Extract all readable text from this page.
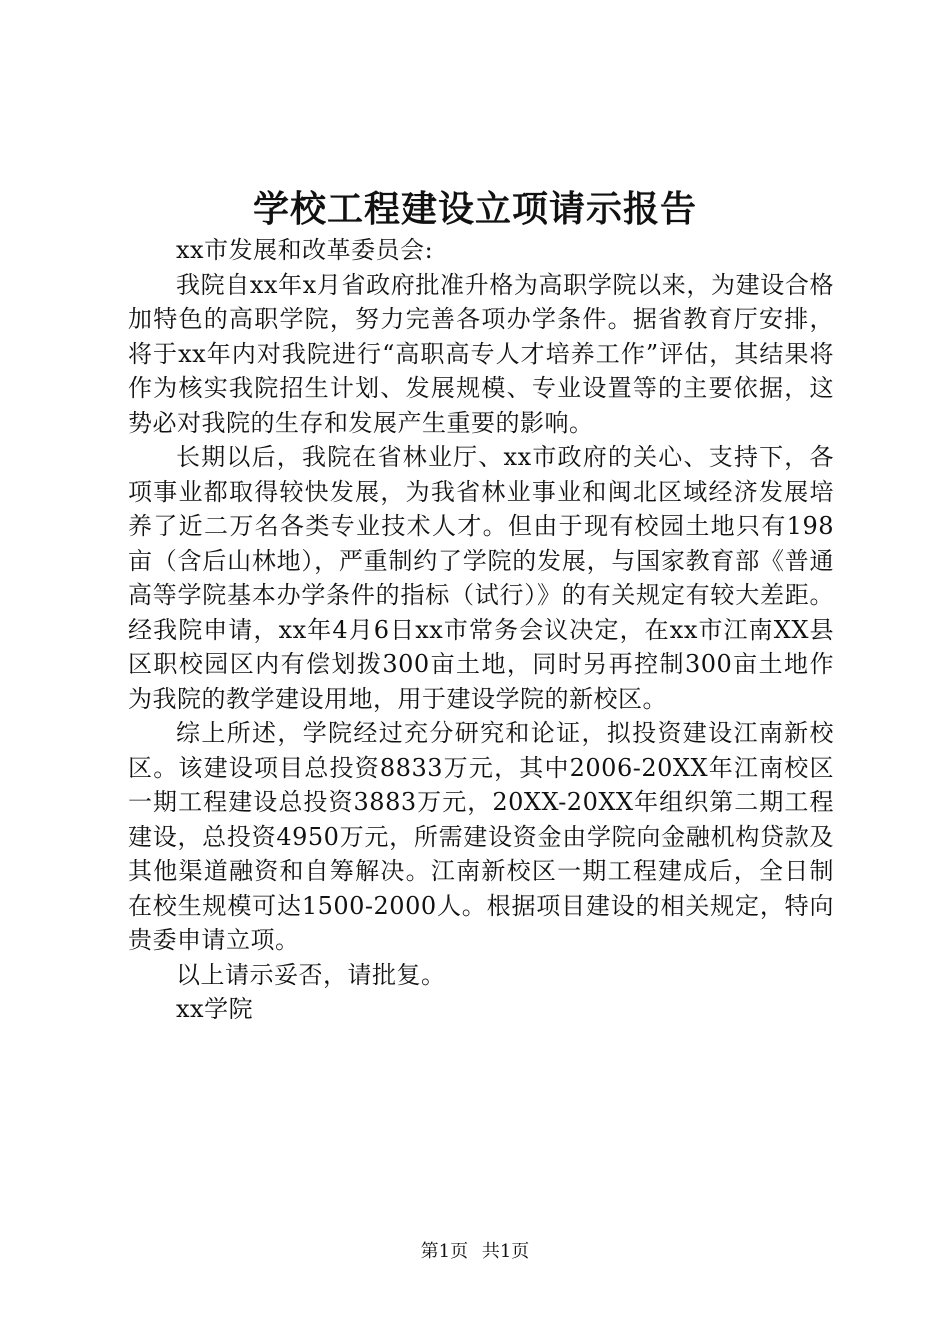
学校工程建设立项请示报告

xx市发展和改革委员会:

我院自xx年x月省政府批准升格为高职学院以来，为建设合格加特色的高职学院，努力完善各项办学条件。据省教育厅安排，将于xx年内对我院进行“高职高专人才培养工作”评估，其结果将作为核实我院招生计划、发展规模、专业设置等的主要依据，这势必对我院的生存和发展产生重要的影响。

长期以后，我院在省林业厅、xx市政府的关心、支持下，各项事业都取得较快发展，为我省林业事业和闽北区域经济发展培养了近二万名各类专业技术人才。但由于现有校园土地只有198亩（含后山林地），严重制约了学院的发展，与国家教育部《普通高等学院基本办学条件的指标（试行）》的有关规定有较大差距。经我院申请，xx年4月6日xx市常务会议决定，在xx市江南XX县区职校园区内有偿划拨300亩土地，同时另再控制300亩土地作为我院的教学建设用地，用于建设学院的新校区。

综上所述，学院经过充分研究和论证，拟投资建设江南新校区。该建设项目总投资8833万元，其中2006-20XX年江南校区一期工程建设总投资3883万元，20XX-20XX年组织第二期工程建设，总投资4950万元，所需建设资金由学院向金融机构贷款及其他渠道融资和自筹解决。江南新校区一期工程建成后，全日制在校生规模可达1500-2000人。根据项目建设的相关规定，特向贵委申请立项。

以上请示妥否，请批复。

xx学院

第1页 共1页
